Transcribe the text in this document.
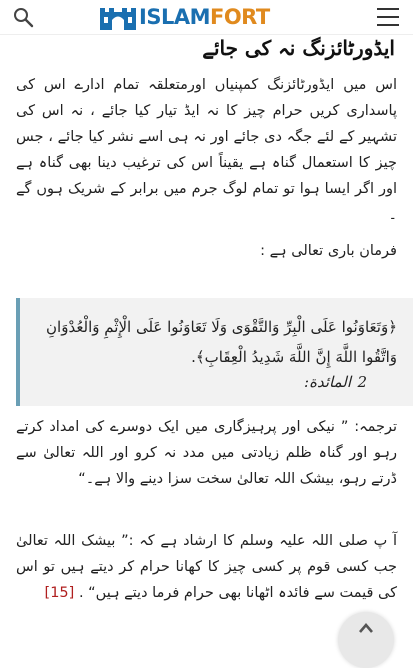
ISLAMFORT
ایڈورٹائزنگ نہ کی جائے

اس میں ایڈورٹائزنگ کمپنیاں اورمتعلقہ تمام ادارے اس کی پاسداری کریں حرام چیز کا نہ ایڈ تیار کیا جائے ، نہ اس کی تشہیر کے لئے جگہ دی جائے اور نہ ہی اسے نشر کیا جائے ، جس چیز کا استعمال گناہ ہے یقیناً اس کی ترغیب دینا بھی گناہ ہے اور اگر ایسا ہوا تو تمام لوگ جرم میں برابر کے شریک ہوں گے ۔

فرمان باری تعالی ہے :

﴿وَتَعَاوَنُوا عَلَى الْبِرِّ وَالتَّقْوَى وَلَا تَعَاوَنُوا عَلَى الْإِثْمِ وَالْعُدْوَانِ وَاتَّقُوا اللَّهَ إِنَّ اللَّهَ شَدِيدُ الْعِقَابِ﴾.

المائدة: 2

ترجمہ: ” نیکی اور پرہیزگاری میں ایک دوسرے کی امداد کرتے رہو اور گناہ ظلم زیادتی میں مدد نہ کرو اور اللہ تعالیٰ سے ڈرتے رہو، بیشک اللہ تعالیٰ سخت سزا دینے والا ہے۔“

آ پ صلی اللہ علیہ وسلم کا ارشاد ہے کہ :” بیشک اللہ تعالیٰ جب کسی قوم پر کسی چیز کا کھانا حرام کر دیتے ہیں تو اس کی قیمت سے فائدہ اٹھانا بھی حرام فرما دیتے ہیں“ . [15]
